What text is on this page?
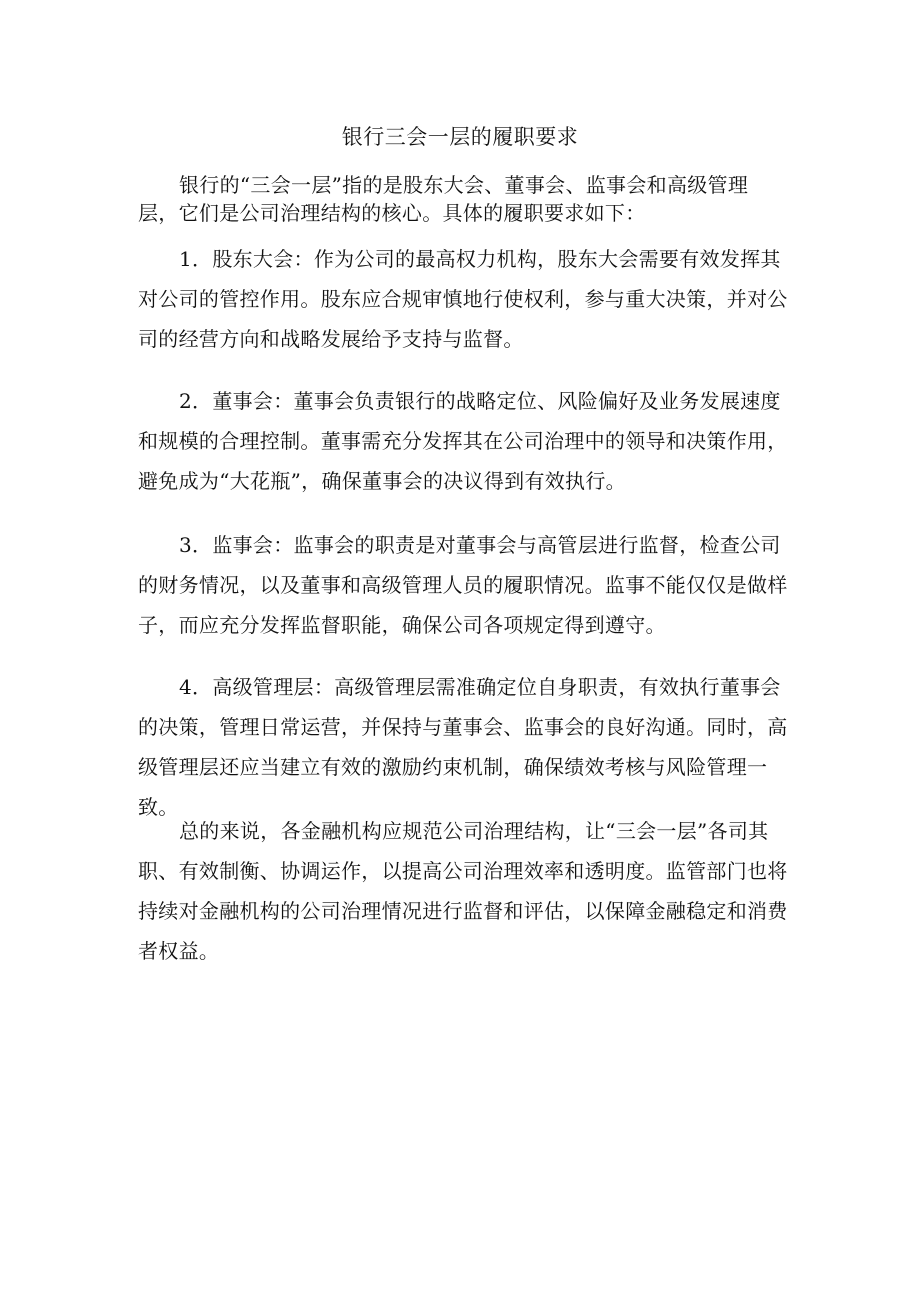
银行三会一层的履职要求

银行的“三会一层”指的是股东大会、董事会、监事会和高级管理层，它们是公司治理结构的核心。具体的履职要求如下：

1．股东大会：作为公司的最高权力机构，股东大会需要有效发挥其对公司的管控作用。股东应合规审慎地行使权利，参与重大决策，并对公司的经营方向和战略发展给予支持与监督。

2．董事会：董事会负责银行的战略定位、风险偏好及业务发展速度和规模的合理控制。董事需充分发挥其在公司治理中的领导和决策作用，避免成为“大花瓶”，确保董事会的决议得到有效执行。

3．监事会：监事会的职责是对董事会与高管层进行监督，检查公司的财务情况，以及董事和高级管理人员的履职情况。监事不能仅仅是做样子，而应充分发挥监督职能，确保公司各项规定得到遵守。

4．高级管理层：高级管理层需准确定位自身职责，有效执行董事会的决策，管理日常运营，并保持与董事会、监事会的良好沟通。同时，高级管理层还应当建立有效的激励约束机制，确保绩效考核与风险管理一致。

总的来说，各金融机构应规范公司治理结构，让“三会一层”各司其职、有效制衡、协调运作，以提高公司治理效率和透明度。监管部门也将持续对金融机构的公司治理情况进行监督和评估，以保障金融稳定和消费者权益。
